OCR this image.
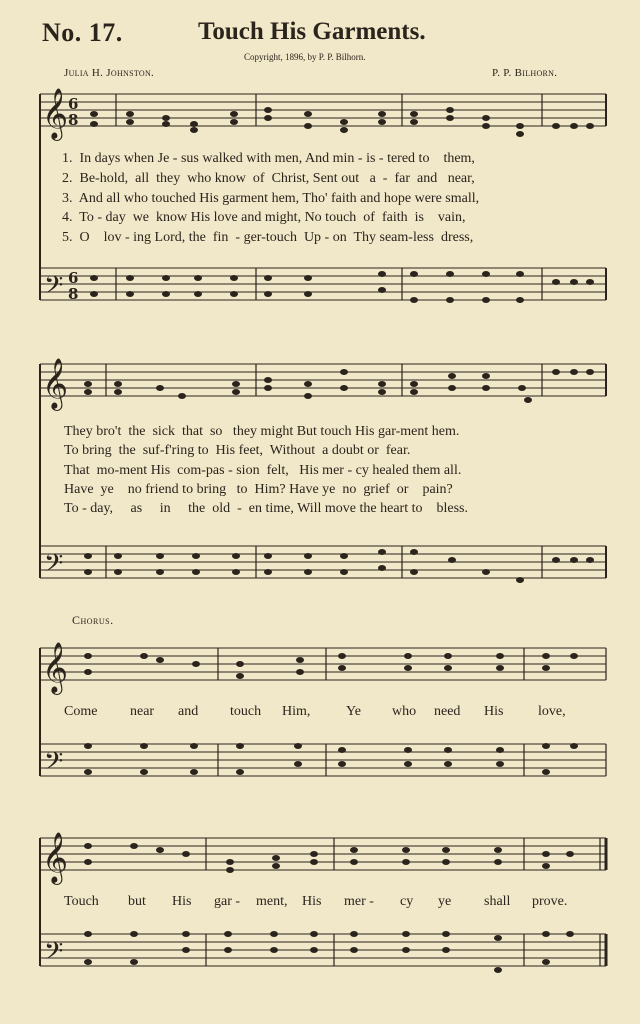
No. 17.	Touch His Garments.
Copyright, 1896, by P. P. Bilhorn.
Julia H. Johnston.	P. P. Bilhorn.
𝄞
𝄞
𝄞
𝄞
𝄢
𝄢
𝄢
𝄢
6
8
6
8
1.  In days when Je - sus walked with men, And min - is - tered to    them,
2.  Be-hold,  all  they  who know  of  Christ, Sent out   a  -  far  and   near,
3.  And all who touched His garment hem, Tho' faith and hope were small,
4.  To - day  we  know His love and might, No touch  of  faith  is    vain,
5.  O    lov - ing Lord, the  fin  - ger-touch  Up - on  Thy seam-less  dress,
They bro't  the  sick  that  so   they might But touch His gar-ment hem.
To bring  the  suf-f'ring to  His feet,  Without  a doubt or  fear.
That  mo-ment His  com-pas - sion  felt,   His mer - cy healed them all.
Have  ye    no friend to bring   to  Him? Have ye  no  grief  or    pain?
To - day,     as     in     the  old  -  en time, Will move the heart to    bless.
Chorus.
Come near and touch Him,	Ye who need His love,
Touch but His gar - ment, His mer - cy ye shall prove.
